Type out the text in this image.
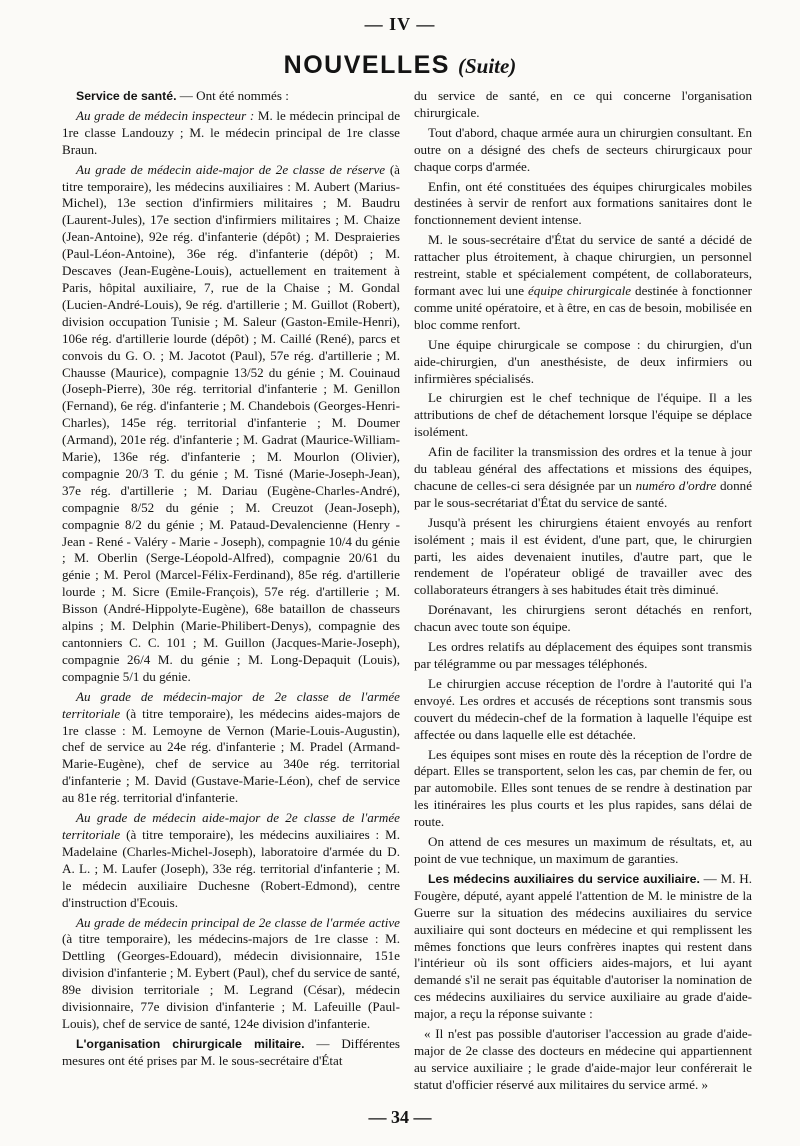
— IV —
NOUVELLES (Suite)

Service de santé. — Ont été nommés :

Au grade de médecin inspecteur : M. le médecin principal de 1re classe Landouzy ; M. le médecin principal de 1re classe Braun.

Au grade de médecin aide-major de 2e classe de réserve (à titre temporaire), les médecins auxiliaires : M. Aubert (Marius-Michel), 13e section d'infirmiers militaires ; M. Baudru (Laurent-Jules), 17e section d'infirmiers militaires ; M. Chaize (Jean-Antoine), 92e rég. d'infanterie (dépôt) ; M. Despraieries (Paul-Léon-Antoine), 36e rég. d'infanterie (dépôt) ; M. Descaves (Jean-Eugène-Louis), actuellement en traitement à Paris, hôpital auxiliaire, 7, rue de la Chaise ; M. Gondal (Lucien-André-Louis), 9e rég. d'artillerie ; M. Guillot (Robert), division occupation Tunisie ; M. Saleur (Gaston-Emile-Henri), 106e rég. d'artillerie lourde (dépôt) ; M. Caillé (René), parcs et convois du G. O. ; M. Jacotot (Paul), 57e rég. d'artillerie ; M. Chausse (Maurice), compagnie 13/52 du génie ; M. Couinaud (Joseph-Pierre), 30e rég. territorial d'infanterie ; M. Genillon (Fernand), 6e rég. d'infanterie ; M. Chandebois (Georges-Henri-Charles), 145e rég. territorial d'infanterie ; M. Doumer (Armand), 201e rég. d'infanterie ; M. Gadrat (Maurice-William-Marie), 136e rég. d'infanterie ; M. Mourlon (Olivier), compagnie 20/3 T. du génie ; M. Tisné (Marie-Joseph-Jean), 37e rég. d'artillerie ; M. Dariau (Eugène-Charles-André), compagnie 8/52 du génie ; M. Creuzot (Jean-Joseph), compagnie 8/2 du génie ; M. Pataud-Devalencienne (Henry - Jean - René - Valéry - Marie - Joseph), compagnie 10/4 du génie ; M. Oberlin (Serge-Léopold-Alfred), compagnie 20/61 du génie ; M. Perol (Marcel-Félix-Ferdinand), 85e rég. d'artillerie lourde ; M. Sicre (Emile-François), 57e rég. d'artillerie ; M. Bisson (André-Hippolyte-Eugène), 68e bataillon de chasseurs alpins ; M. Delphin (Marie-Philibert-Denys), compagnie des cantonniers C. C. 101 ; M. Guillon (Jacques-Marie-Joseph), compagnie 26/4 M. du génie ; M. Long-Depaquit (Louis), compagnie 5/1 du génie.

Au grade de médecin-major de 2e classe de l'armée territoriale (à titre temporaire), les médecins aides-majors de 1re classe : M. Lemoyne de Vernon (Marie-Louis-Augustin), chef de service au 24e rég. d'infanterie ; M. Pradel (Armand-Marie-Eugène), chef de service au 340e rég. territorial d'infanterie ; M. David (Gustave-Marie-Léon), chef de service au 81e rég. territorial d'infanterie.

Au grade de médecin aide-major de 2e classe de l'armée territoriale (à titre temporaire), les médecins auxiliaires : M. Madelaine (Charles-Michel-Joseph), laboratoire d'armée du D. A. L. ; M. Laufer (Joseph), 33e rég. territorial d'infanterie ; M. le médecin auxiliaire Duchesne (Robert-Edmond), centre d'instruction d'Ecouis.

Au grade de médecin principal de 2e classe de l'armée active (à titre temporaire), les médecins-majors de 1re classe : M. Dettling (Georges-Edouard), médecin divisionnaire, 151e division d'infanterie ; M. Eybert (Paul), chef du service de santé, 89e division territoriale ; M. Legrand (César), médecin divisionnaire, 77e division d'infanterie ; M. Lafeuille (Paul-Louis), chef de service de santé, 124e division d'infanterie.

L'organisation chirurgicale militaire. — Différentes mesures ont été prises par M. le sous-secrétaire d'État

du service de santé, en ce qui concerne l'organisation chirurgicale.

Tout d'abord, chaque armée aura un chirurgien consultant. En outre on a désigné des chefs de secteurs chirurgicaux pour chaque corps d'armée.

Enfin, ont été constituées des équipes chirurgicales mobiles destinées à servir de renfort aux formations sanitaires dont le fonctionnement devient intense.

M. le sous-secrétaire d'État du service de santé a décidé de rattacher plus étroitement, à chaque chirurgien, un personnel restreint, stable et spécialement compétent, de collaborateurs, formant avec lui une équipe chirurgicale destinée à fonctionner comme unité opératoire, et à être, en cas de besoin, mobilisée en bloc comme renfort.

Une équipe chirurgicale se compose : du chirurgien, d'un aide-chirurgien, d'un anesthésiste, de deux infirmiers ou infirmières spécialisés.

Le chirurgien est le chef technique de l'équipe. Il a les attributions de chef de détachement lorsque l'équipe se déplace isolément.

Afin de faciliter la transmission des ordres et la tenue à jour du tableau général des affectations et missions des équipes, chacune de celles-ci sera désignée par un numéro d'ordre donné par le sous-secrétariat d'État du service de santé.

Jusqu'à présent les chirurgiens étaient envoyés au renfort isolément ; mais il est évident, d'une part, que, le chirurgien parti, les aides devenaient inutiles, d'autre part, que le rendement de l'opérateur obligé de travailler avec des collaborateurs étrangers à ses habitudes était très diminué.

Dorénavant, les chirurgiens seront détachés en renfort, chacun avec toute son équipe.

Les ordres relatifs au déplacement des équipes sont transmis par télégramme ou par messages téléphonés.

Le chirurgien accuse réception de l'ordre à l'autorité qui l'a envoyé. Les ordres et accusés de réceptions sont transmis sous couvert du médecin-chef de la formation à laquelle l'équipe est affectée ou dans laquelle elle est détachée.

Les équipes sont mises en route dès la réception de l'ordre de départ. Elles se transportent, selon les cas, par chemin de fer, ou par automobile. Elles sont tenues de se rendre à destination par les itinéraires les plus courts et les plus rapides, sans délai de route.

On attend de ces mesures un maximum de résultats, et, au point de vue technique, un maximum de garanties.

Les médecins auxiliaires du service auxiliaire. — M. H. Fougère, député, ayant appelé l'attention de M. le ministre de la Guerre sur la situation des médecins auxiliaires du service auxiliaire qui sont docteurs en médecine et qui remplissent les mêmes fonctions que leurs confrères inaptes qui restent dans l'intérieur où ils sont officiers aides-majors, et lui ayant demandé s'il ne serait pas équitable d'autoriser la nomination de ces médecins auxiliaires du service auxiliaire au grade d'aide-major, a reçu la réponse suivante :

« Il n'est pas possible d'autoriser l'accession au grade d'aide-major de 2e classe des docteurs en médecine qui appartiennent au service auxiliaire ; le grade d'aide-major leur conférerait le statut d'officier réservé aux militaires du service armé. »

— 34 —
